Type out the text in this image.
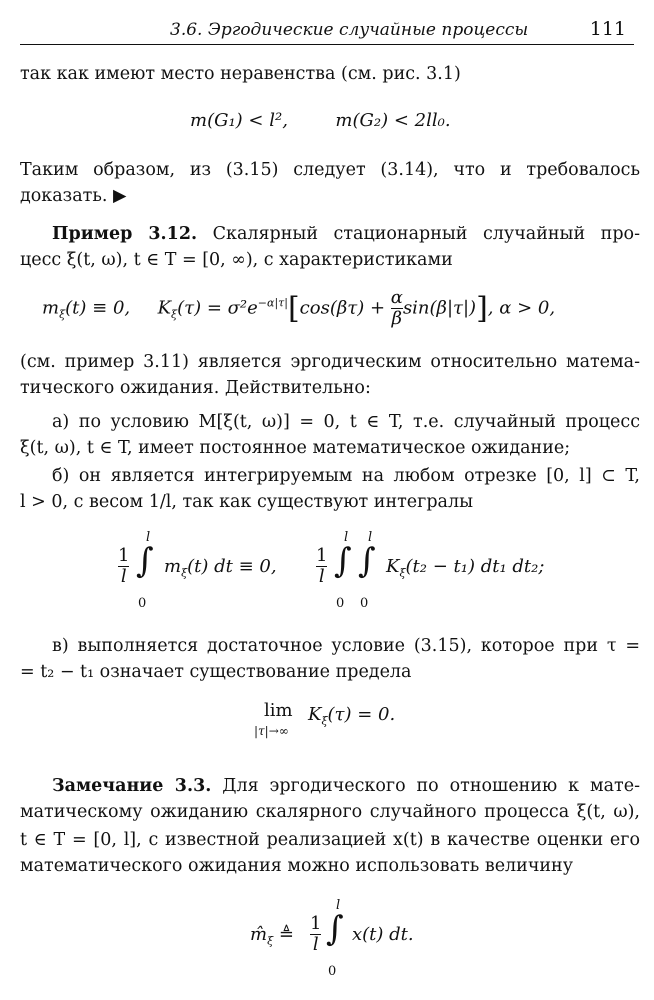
3.6. Эргодические случайные процессы	111
так как имеют место неравенства (см. рис. 3.1)
m(G₁) < l²,	m(G₂) < 2ll₀.
Таким образом, из (3.15) следует (3.14), что и требовалось
доказать. ▶
Пример 3.12. Скалярный стационарный случайный про-
цесс ξ(t, ω), t ∈ T = [0, ∞), с характеристиками
$m_\xi(t) \equiv 0$, $K_\xi(\tau) = \sigma^2e^{-\alpha|\tau|}[\cos(\beta\tau) + \frac{\alpha}{\beta} \sin(\beta|\tau|)]$, α > 0,
(см. пример 3.11) является эргодическим относительно матема-
тического ожидания. Действительно:
а) по условию M[ξ(t, ω)] = 0, t ∈ T, т.е. случайный процесс
ξ(t, ω), t ∈ T, имеет постоянное математическое ожидание;
б) он является интегрируемым на любом отрезке [0, l] ⊂ T,
l > 0, с весом 1/l, так как существуют интегралы
$\frac{1}{l}$
l
∫
0
$m_\xi(t)$ dt ≡ 0, $\frac{1}{l}$
l
∫
0
l
∫
0
$K_\xi(t_2 - t_1)$ dt₁ dt₂;
в) выполняется достаточное условие (3.15), которое при τ =
= t₂ − t₁ означает существование предела
lim
|τ|→∞
$K_\xi(\tau) = 0$.
Замечание 3.3. Для эргодического по отношению к мате-
матическому ожиданию скалярного случайного процесса ξ(t, ω),
t ∈ T = [0, l], с известной реализацией x(t) в качестве оценки его
математического ожидания можно использовать величину
$m̂_\xi$ ≜ $\frac{1}{l}$
l
∫
0
x(t) dt.
